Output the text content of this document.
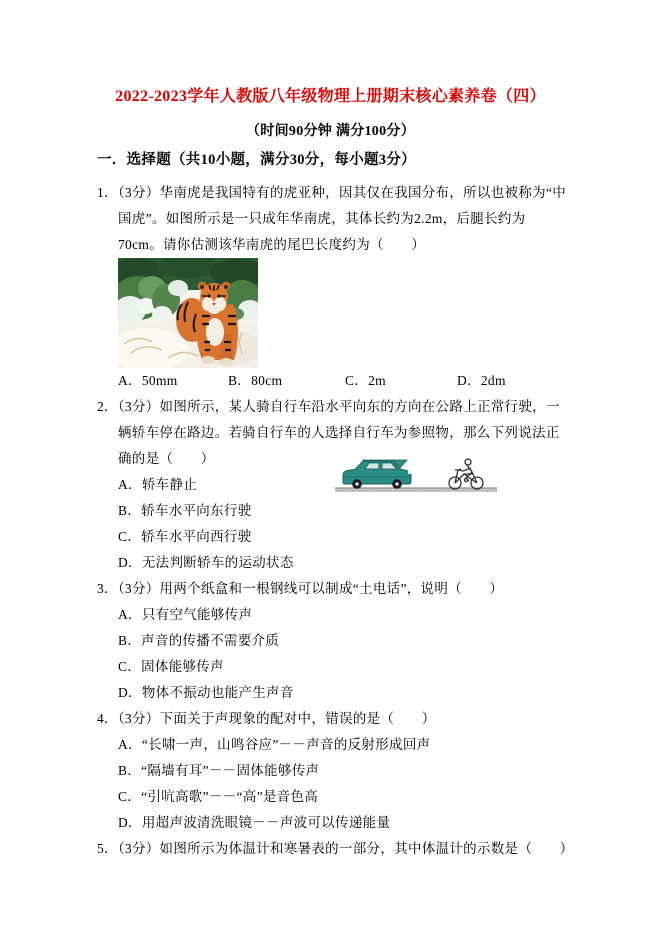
2022-2023学年人教版八年级物理上册期末核心素养卷（四）
（时间90分钟 满分100分）
一．选择题（共10小题，满分30分，每小题3分）

1．（3分）华南虎是我国特有的虎亚种，因其仅在我国分布，所以也被称为“中国虎”。如图所示是一只成年华南虎，其体长约为2.2m，后腿长约为70cm。请你估测该华南虎的尾巴长度约为（　　）

A．50mm	B．80cm	C．2m	D．2dm

2．（3分）如图所示，某人骑自行车沿水平向东的方向在公路上正常行驶，一辆轿车停在路边。若骑自行车的人选择自行车为参照物，那么下列说法正确的是（　　）

A．轿车静止
B．轿车水平向东行驶
C．轿车水平向西行驶
D．无法判断轿车的运动状态

3．（3分）用两个纸盒和一根钢线可以制成“土电话”，说明（　　）

A．只有空气能够传声
B．声音的传播不需要介质
C．固体能够传声
D．物体不振动也能产生声音

4．（3分）下面关于声现象的配对中，错误的是（　　）

A．“长啸一声，山鸣谷应”－－声音的反射形成回声
B．“隔墙有耳”－－固体能够传声
C．“引吭高歌”－－“高”是音色高
D．用超声波清洗眼镜－－声波可以传递能量

5．（3分）如图所示为体温计和寒暑表的一部分，其中体温计的示数是（　　）
